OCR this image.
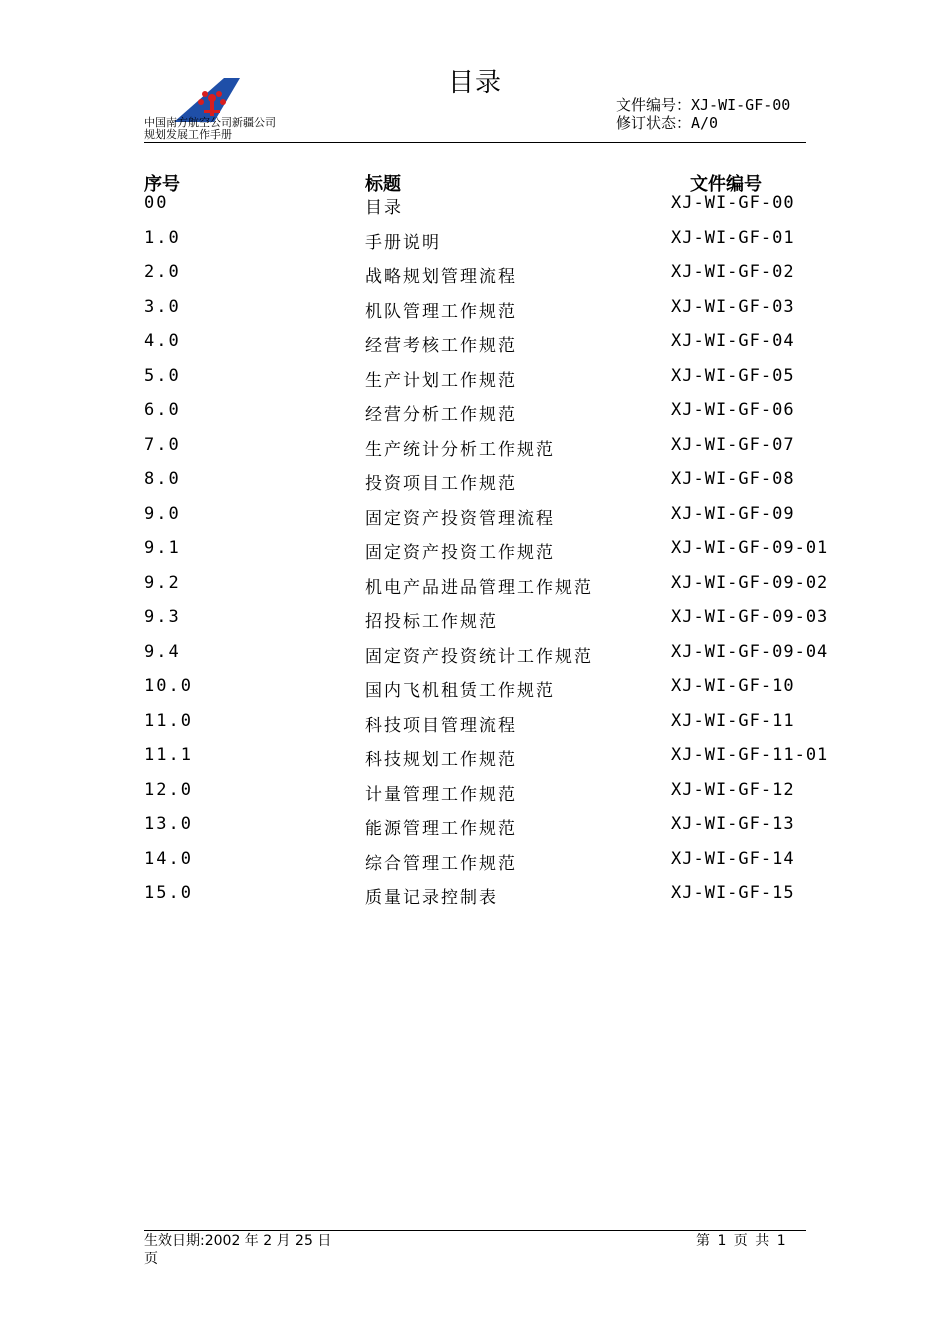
目录
中国南方航空公司新疆公司
规划发展工作手册
文件编号：XJ-WI-GF-00
修订状态：A/0
序号	标题	文件编号
00	目录	XJ-WI-GF-00
1.0	手册说明	XJ-WI-GF-01
2.0	战略规划管理流程	XJ-WI-GF-02
3.0	机队管理工作规范	XJ-WI-GF-03
4.0	经营考核工作规范	XJ-WI-GF-04
5.0	生产计划工作规范	XJ-WI-GF-05
6.0	经营分析工作规范	XJ-WI-GF-06
7.0	生产统计分析工作规范	XJ-WI-GF-07
8.0	投资项目工作规范	XJ-WI-GF-08
9.0	固定资产投资管理流程	XJ-WI-GF-09
9.1	固定资产投资工作规范	XJ-WI-GF-09-01
9.2	机电产品进品管理工作规范	XJ-WI-GF-09-02
9.3	招投标工作规范	XJ-WI-GF-09-03
9.4	固定资产投资统计工作规范	XJ-WI-GF-09-04
10.0	国内飞机租赁工作规范	XJ-WI-GF-10
11.0	科技项目管理流程	XJ-WI-GF-11
11.1	科技规划工作规范	XJ-WI-GF-11-01
12.0	计量管理工作规范	XJ-WI-GF-12
13.0	能源管理工作规范	XJ-WI-GF-13
14.0	综合管理工作规范	XJ-WI-GF-14
15.0	质量记录控制表	XJ-WI-GF-15
生效日期:2002 年 2 月 25 日
页
第 1 页 共 1
